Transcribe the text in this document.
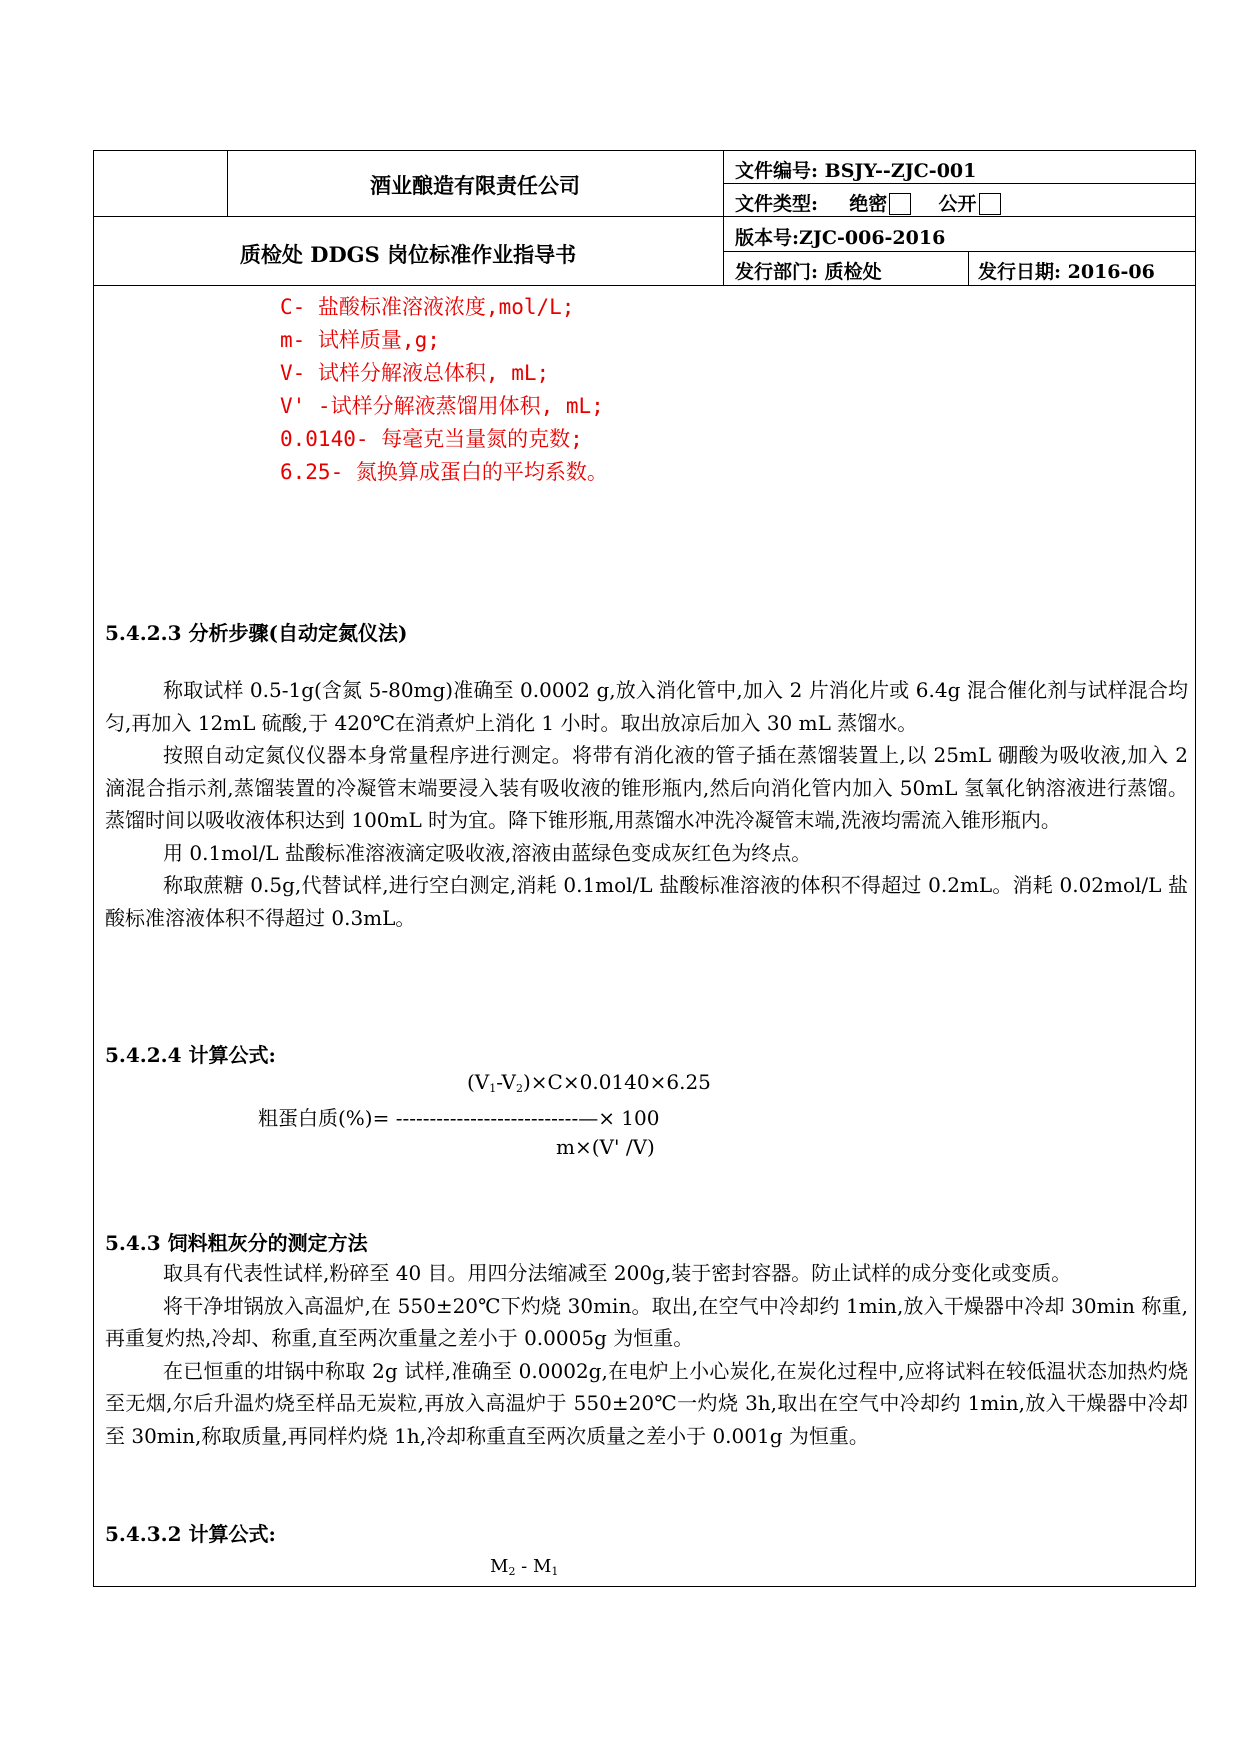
酒业酿造有限责任公司
质检处 DDGS 岗位标准作业指导书
文件编号: BSJY--ZJC-001
文件类型: 绝密	公开
版本号:ZJC-006-2016
发行部门: 质检处	发行日期: 2016-06
C- 盐酸标准溶液浓度,mol/L;
m- 试样质量,g;
V- 试样分解液总体积, mL;
V' -试样分解液蒸馏用体积, mL;
0.0140- 每毫克当量氮的克数;
6.25- 氮换算成蛋白的平均系数。
5.4.2.3 分析步骤(自动定氮仪法)

称取试样 0.5-1g(含氮 5-80mg)准确至 0.0002 g,放入消化管中,加入 2 片消化片或 6.4g 混合催化剂与试样混合均匀,再加入 12mL 硫酸,于 420℃在消煮炉上消化 1 小时。取出放凉后加入 30 mL 蒸馏水。

按照自动定氮仪仪器本身常量程序进行测定。将带有消化液的管子插在蒸馏装置上,以 25mL 硼酸为吸收液,加入 2 滴混合指示剂,蒸馏装置的冷凝管末端要浸入装有吸收液的锥形瓶内,然后向消化管内加入 50mL 氢氧化钠溶液进行蒸馏。蒸馏时间以吸收液体积达到 100mL 时为宜。降下锥形瓶,用蒸馏水冲洗冷凝管末端,洗液均需流入锥形瓶内。

用 0.1mol/L 盐酸标准溶液滴定吸收液,溶液由蓝绿色变成灰红色为终点。

称取蔗糖 0.5g,代替试样,进行空白测定,消耗 0.1mol/L 盐酸标准溶液的体积不得超过 0.2mL。消耗 0.02mol/L 盐酸标准溶液体积不得超过 0.3mL。

5.4.2.4 计算公式:
$(V_1-V_2)\times C\times 0.0140\times 6.25$
粗蛋白质(%)= ---------------------------—× 100
m×(V' /V)
5.4.3 饲料粗灰分的测定方法

取具有代表性试样,粉碎至 40 目。用四分法缩减至 200g,装于密封容器。防止试样的成分变化或变质。

将干净坩锅放入高温炉,在 550±20℃下灼烧 30min。取出,在空气中冷却约 1min,放入干燥器中冷却 30min 称重,再重复灼热,冷却、称重,直至两次重量之差小于 0.0005g 为恒重。

在已恒重的坩锅中称取 2g 试样,准确至 0.0002g,在电炉上小心炭化,在炭化过程中,应将试料在较低温状态加热灼烧至无烟,尔后升温灼烧至样品无炭粒,再放入高温炉于 550±20℃一灼烧 3h,取出在空气中冷却约 1min,放入干燥器中冷却至 30min,称取质量,再同样灼烧 1h,冷却称重直至两次质量之差小于 0.001g 为恒重。

5.4.3.2 计算公式:
$M_2 - M_1$
